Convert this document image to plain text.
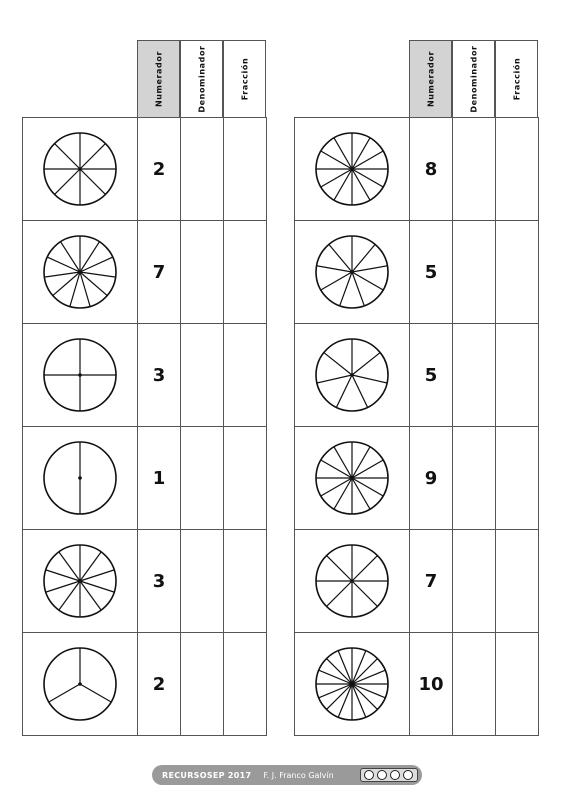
Numerador	Denominador	Fracción	Numerador	Denominador	Fracción
	2		

	7		

	3		

	1		

	3		

	2		
	8		

	5		

	5		

	9		

	7		

	10		
RECURSOSEP 2017 F. J. Franco Galvín
